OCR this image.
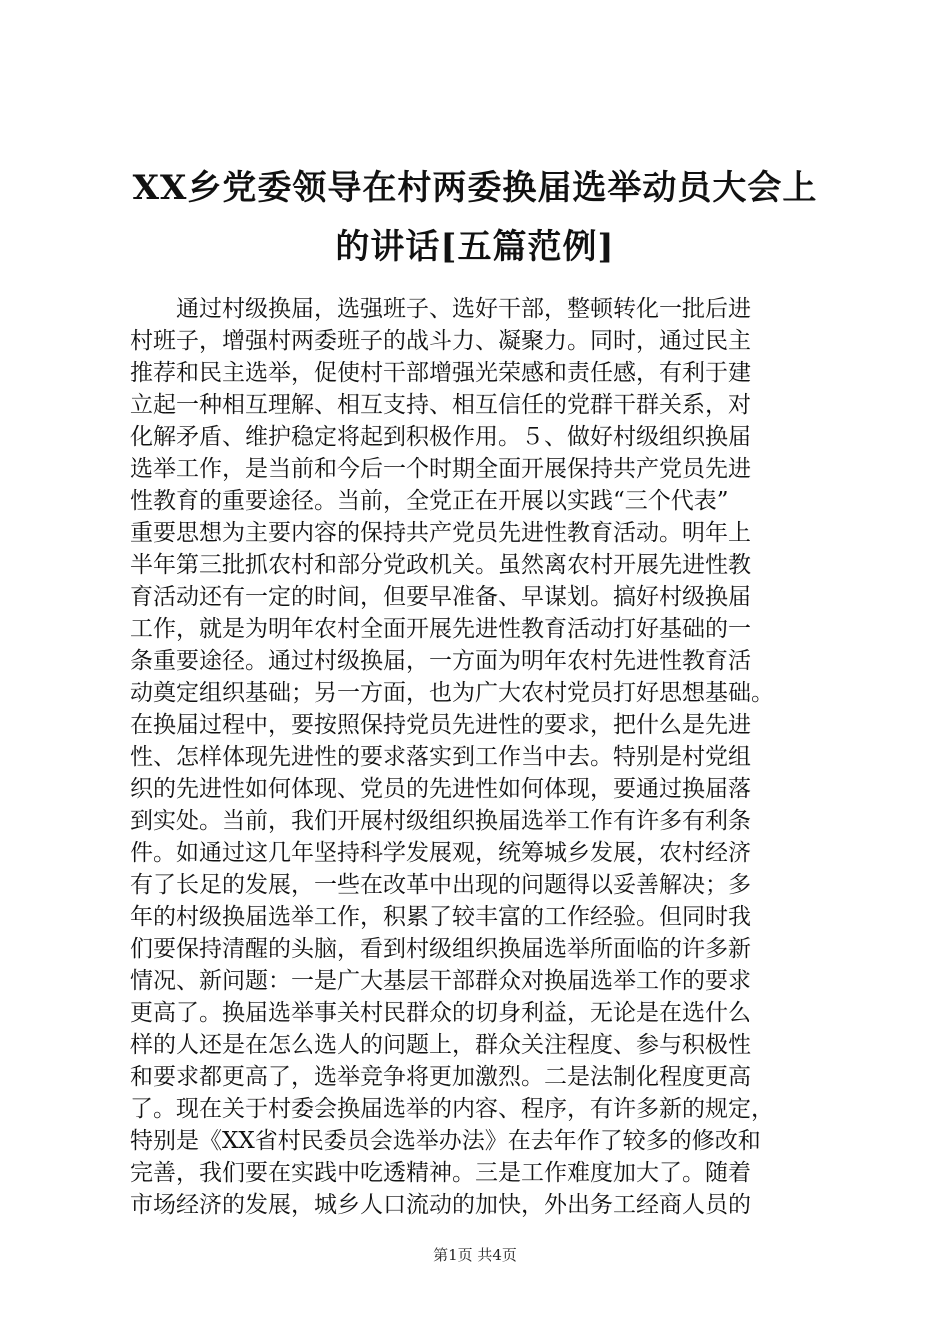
XX乡党委领导在村两委换届选举动员大会上
的讲话[五篇范例]
　　通过村级换届，选强班子、选好干部，整顿转化一批后进
村班子，增强村两委班子的战斗力、凝聚力。同时，通过民主
推荐和民主选举，促使村干部增强光荣感和责任感，有利于建
立起一种相互理解、相互支持、相互信任的党群干群关系，对
化解矛盾、维护稳定将起到积极作用。５、做好村级组织换届
选举工作，是当前和今后一个时期全面开展保持共产党员先进
性教育的重要途径。当前，全党正在开展以实践“三个代表”
重要思想为主要内容的保持共产党员先进性教育活动。明年上
半年第三批抓农村和部分党政机关。虽然离农村开展先进性教
育活动还有一定的时间，但要早准备、早谋划。搞好村级换届
工作，就是为明年农村全面开展先进性教育活动打好基础的一
条重要途径。通过村级换届，一方面为明年农村先进性教育活
动奠定组织基础；另一方面，也为广大农村党员打好思想基础。
在换届过程中，要按照保持党员先进性的要求，把什么是先进
性、怎样体现先进性的要求落实到工作当中去。特别是村党组
织的先进性如何体现、党员的先进性如何体现，要通过换届落
到实处。当前，我们开展村级组织换届选举工作有许多有利条
件。如通过这几年坚持科学发展观，统筹城乡发展，农村经济
有了长足的发展，一些在改革中出现的问题得以妥善解决；多
年的村级换届选举工作，积累了较丰富的工作经验。但同时我
们要保持清醒的头脑，看到村级组织换届选举所面临的许多新
情况、新问题：一是广大基层干部群众对换届选举工作的要求
更高了。换届选举事关村民群众的切身利益，无论是在选什么
样的人还是在怎么选人的问题上，群众关注程度、参与积极性
和要求都更高了，选举竞争将更加激烈。二是法制化程度更高
了。现在关于村委会换届选举的内容、程序，有许多新的规定，
特别是《XX省村民委员会选举办法》在去年作了较多的修改和
完善，我们要在实践中吃透精神。三是工作难度加大了。随着
市场经济的发展，城乡人口流动的加快，外出务工经商人员的
第1页 共4页
